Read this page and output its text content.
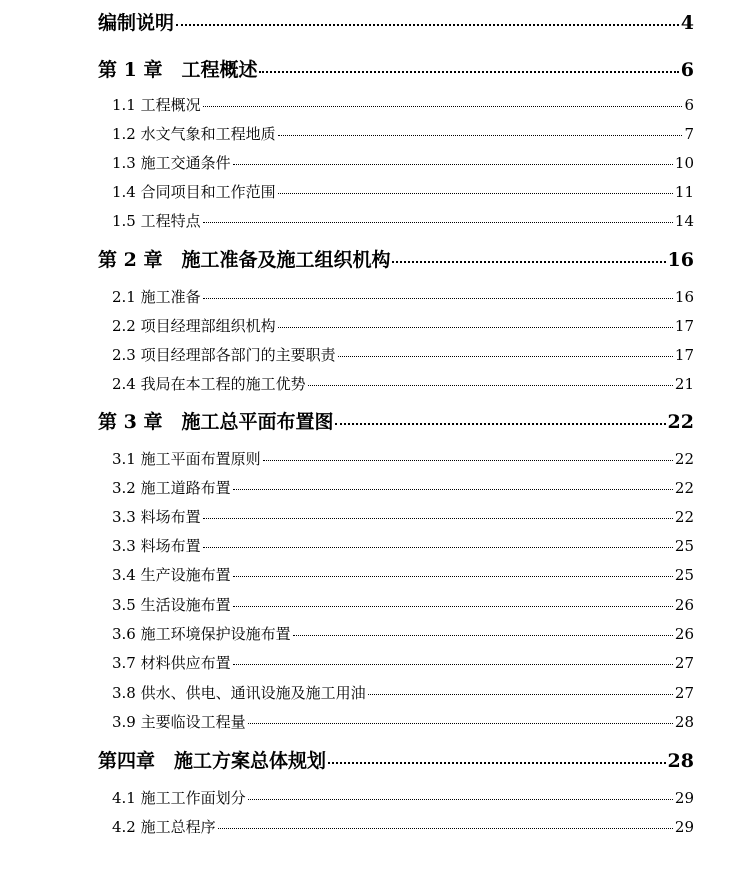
编制说明	4
第 1 章　工程概述	6
1.1 工程概况	6
1.2 水文气象和工程地质	7
1.3 施工交通条件	10
1.4 合同项目和工作范围	11
1.5 工程特点	14
第 2 章　施工准备及施工组织机构	16
2.1 施工准备	16
2.2 项目经理部组织机构	17
2.3 项目经理部各部门的主要职责	17
2.4 我局在本工程的施工优势	21
第 3 章　施工总平面布置图	22
3.1 施工平面布置原则	22
3.2 施工道路布置	22
3.3 料场布置	22
3.3 料场布置	25
3.4 生产设施布置	25
3.5 生活设施布置	26
3.6 施工环境保护设施布置	26
3.7 材料供应布置	27
3.8 供水、供电、通讯设施及施工用油	27
3.9 主要临设工程量	28
第四章　施工方案总体规划	28
4.1 施工工作面划分	29
4.2 施工总程序	29
